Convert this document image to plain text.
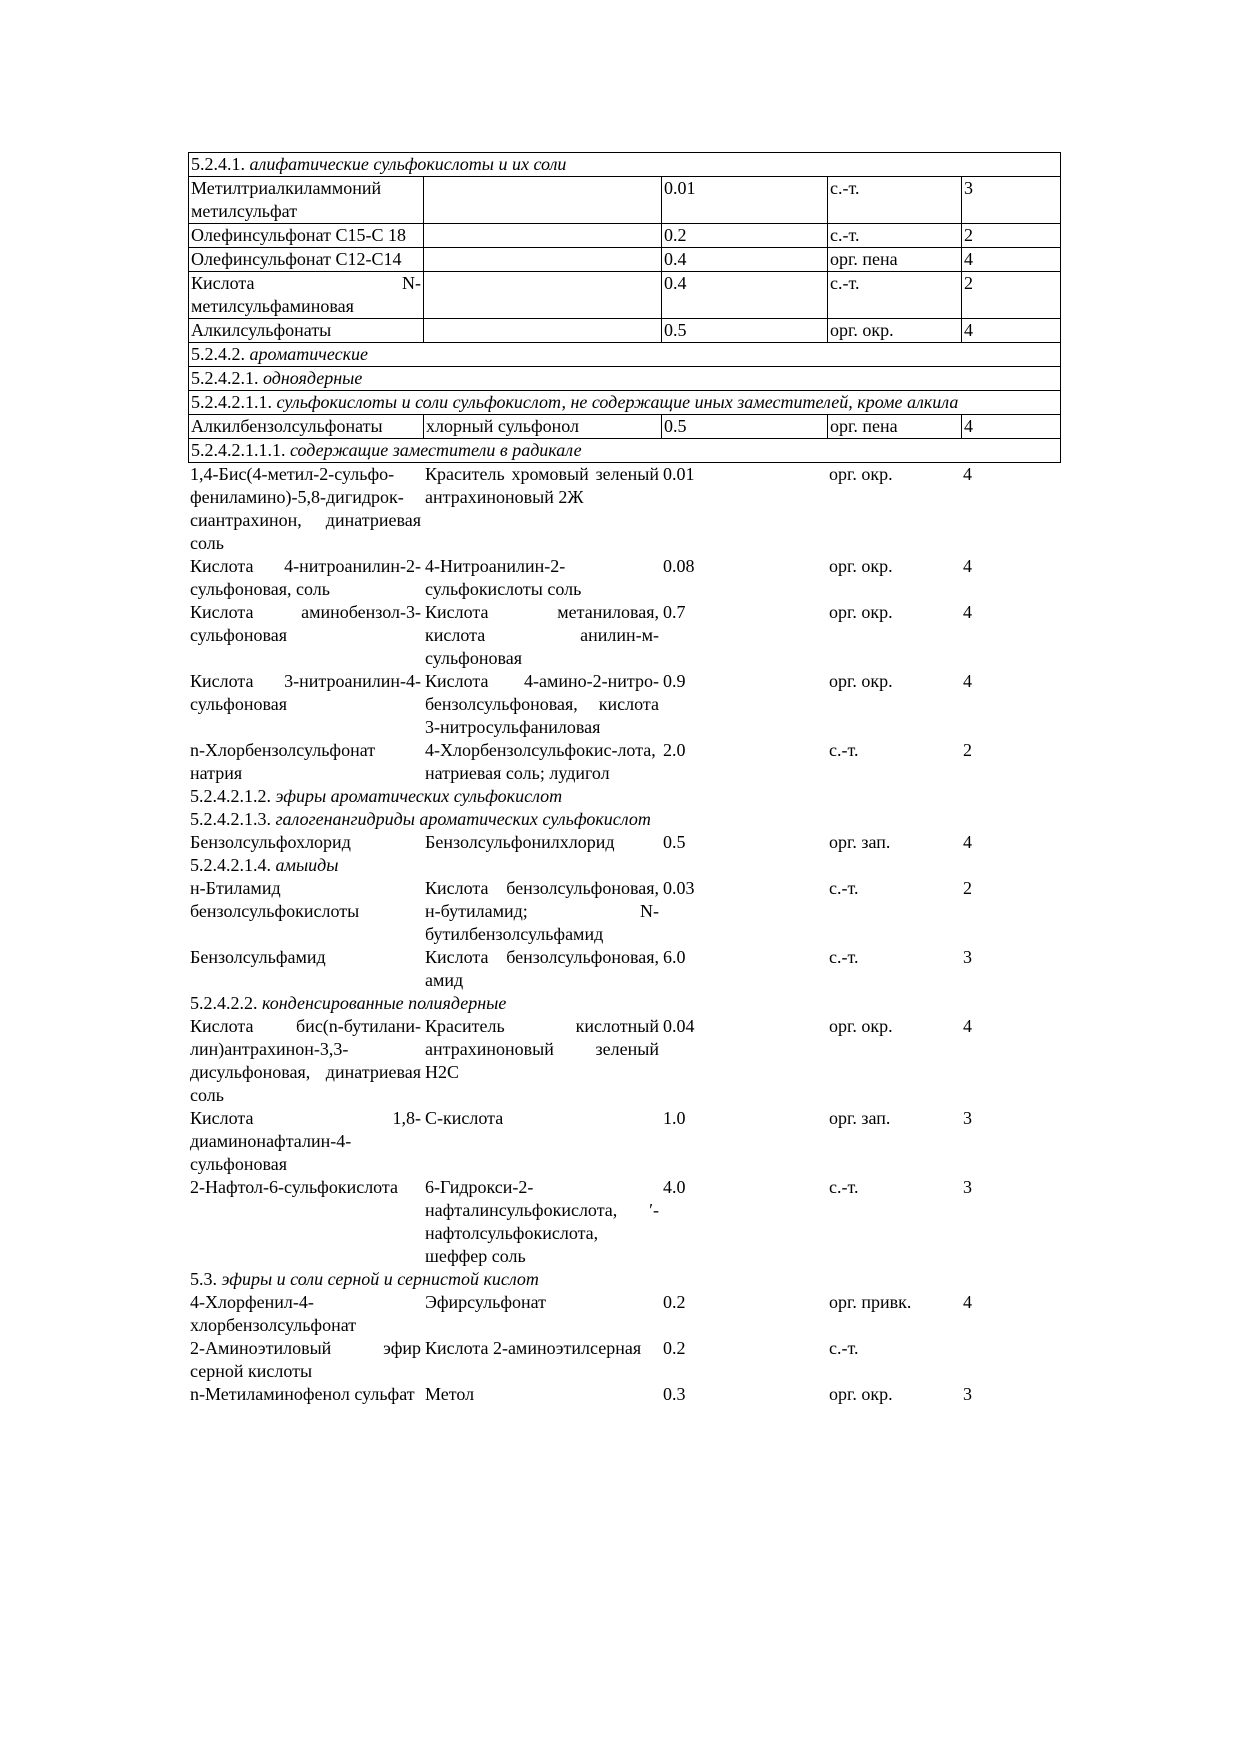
5.2.4.1. алифатические сульфокислоты и их соли				
Метилтриалкиламмоний метилсульфат		0.01	с.-т.	3
Олефинсульфонат C15-C 18		0.2	с.-т.	2
Олефинсульфонат C12-C14		0.4	орг. пена	4
Кислота N-метилсульфаминовая		0.4	с.-т.	2
Алкилсульфонаты		0.5	орг. окр.	4
5.2.4.2. ароматические				
5.2.4.2.1. одноядерные				
5.2.4.2.1.1. сульфокислоты и соли сульфокислот, не содержащие иных заместителей, кроме алкила				
Алкилбензолсульфонаты	хлорный сульфонол	0.5	орг. пена	4
5.2.4.2.1.1.1. содержащие заместители в радикале				
1,4-Бис(4-метил-2-сульфо-фениламино)-5,8-дигидрок-сиантрахинон, динатриевая соль	Краситель хромовый зеленый антрахиноновый 2Ж	0.01	орг. окр.	4
Кислота 4-нитроанилин-2-сульфоновая, соль	4-Нитроанилин-2-сульфокислоты соль	0.08	орг. окр.	4
Кислота аминобензол-3-сульфоновая	Кислота метаниловая, кислота анилин-м-сульфоновая	0.7	орг. окр.	4
Кислота 3-нитроанилин-4-сульфоновая	Кислота 4-амино-2-нитро-бензолсульфоновая, кислота 3-нитросульфаниловая	0.9	орг. окр.	4
n-Хлорбензолсульфонат натрия	4-Хлорбензолсульфокис-лота, натриевая соль; лудигол	2.0	с.-т.	2
5.2.4.2.1.2. эфиры ароматических сульфокислот				
5.2.4.2.1.3. галогенангидриды ароматических сульфокислот				
Бензолсульфохлорид	Бензолсульфонилхлорид	0.5	орг. зап.	4
5.2.4.2.1.4. амыиды				
н-Бтиламид бензолсульфокислоты	Кислота бензолсульфоновая, н-бутиламид; N-бутилбензолсульфамид	0.03	с.-т.	2
Бензолсульфамид	Кислота бензолсульфоновая, амид	6.0	с.-т.	3
5.2.4.2.2. конденсированные полиядерные				
Кислота бис(n-бутилани-лин)антрахинон-3,3-дисульфоновая, динатриевая соль	Краситель кислотный антрахиноновый зеленый Н2С	0.04	орг. окр.	4
Кислота 1,8-диаминонафталин-4-сульфоновая	С-кислота	1.0	орг. зап.	3
2-Нафтол-6-сульфокислота	6-Гидрокси-2-нафталинсульфокислота, ′-нафтолсульфокислота, шеффер соль	4.0	с.-т.	3
5.3. эфиры и соли серной и сернистой кислот				
4-Хлорфенил-4-хлорбензолсульфонат	Эфирсульфонат	0.2	орг. привк.	4
2-Аминоэтиловый эфир серной кислоты	Кислота 2-аминоэтилсерная	0.2	с.-т.	
n-Метиламинофенол сульфат	Метол	0.3	орг. окр.	3
